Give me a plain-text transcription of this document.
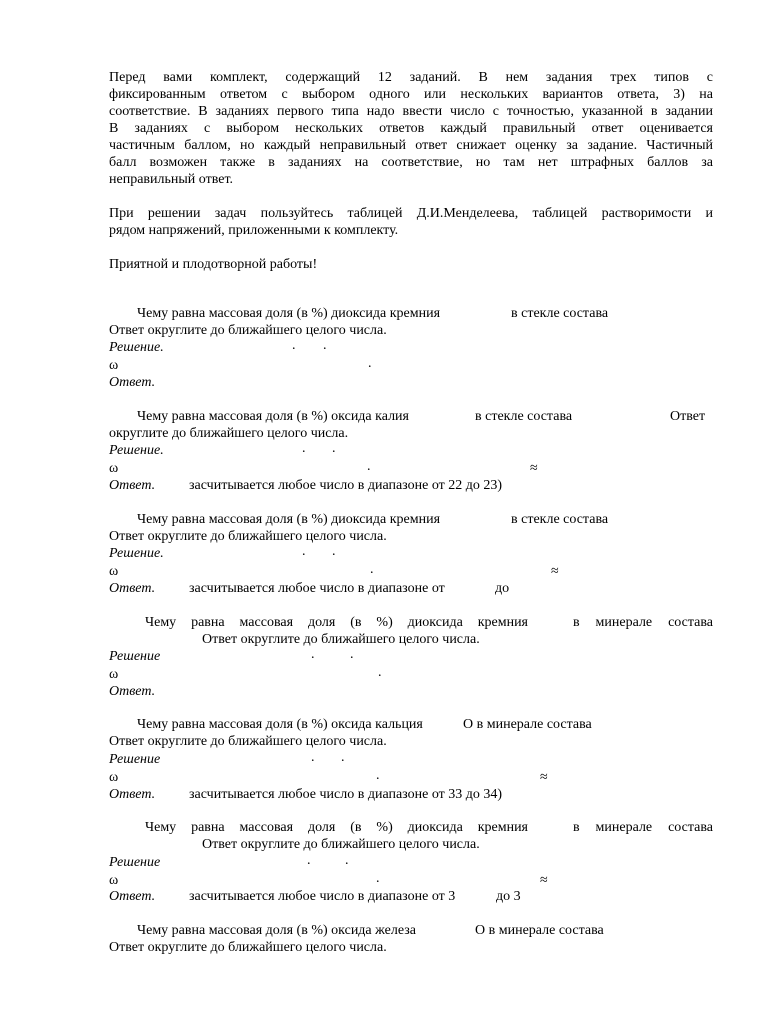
Перед вами комплект, содержащий 12 заданий. В нем задания трех типов с
фиксированным ответом с выбором одного или нескольких вариантов ответа, 3) на
соответствие. В заданиях первого типа надо ввести число с точностью, указанной в задании
В заданиях с выбором нескольких ответов каждый правильный ответ оценивается
частичным баллом, но каждый неправильный ответ снижает оценку за задание. Частичный
балл возможен также в заданиях на соответствие, но там нет штрафных баллов за
неправильный ответ.
При решении задач пользуйтесь таблицей Д.И.Менделеева, таблицей растворимости и
рядом напряжений, приложенными к комплекту.
Приятной и плодотворной работы!
Чему равна массовая доля (в %) диоксида кремния	в стекле состава
Ответ округлите до ближайшего целого числа.
Решение.	. .
ω	.
Ответ.
Чему равна массовая доля (в %) оксида калия	в стекле состава	Ответ
округлите до ближайшего целого числа.
Решение.	. .
ω	.	≈
Ответ. засчитывается любое число в диапазоне от 22 до 23)
Чему равна массовая доля (в %) диоксида кремния	в стекле состава
Ответ округлите до ближайшего целого числа.
Решение.	. .
ω	.	≈
Ответ. засчитывается любое число в диапазоне от	до
Чему равна массовая доля (в %) диоксида кремния	в минерале состава
Ответ округлите до ближайшего целого числа.
Решение	.	.
ω	.
Ответ.
Чему равна массовая доля (в %) оксида кальция	О в минерале состава
Ответ округлите до ближайшего целого числа.
Решение	. .
ω	.	≈
Ответ. засчитывается любое число в диапазоне от 33 до 34)
Чему равна массовая доля (в %) диоксида кремния	в минерале состава
Ответ округлите до ближайшего целого числа.
Решение	. .
ω	.	≈
Ответ. засчитывается любое число в диапазоне от 3	до 3
Чему равна массовая доля (в %) оксида железа	О в минерале состава
Ответ округлите до ближайшего целого числа.
